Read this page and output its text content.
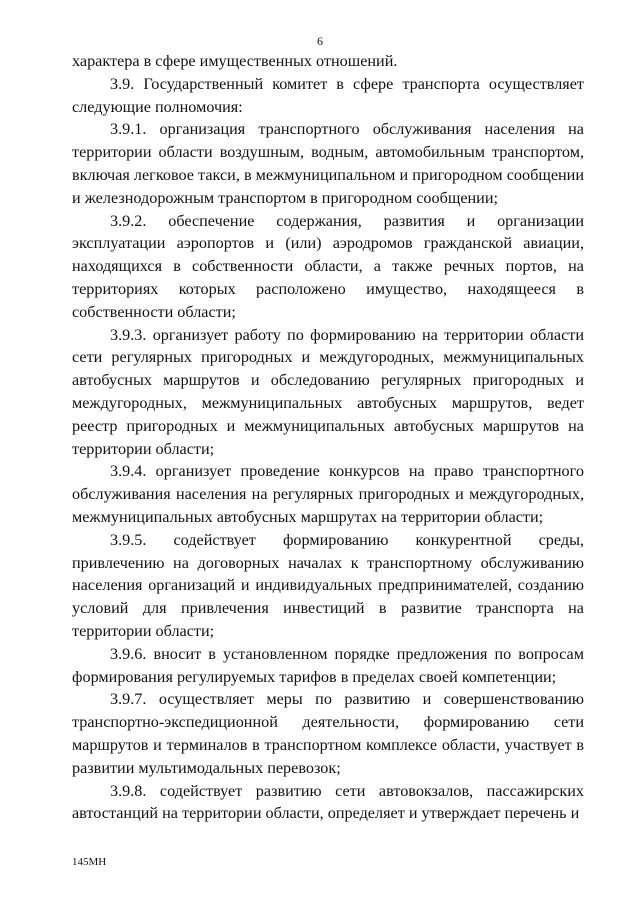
6

характера в сфере имущественных отношений.

3.9. Государственный комитет в сфере транспорта осуществляет следующие полномочия:

3.9.1. организация транспортного обслуживания населения на территории области воздушным, водным, автомобильным транспортом, включая легковое такси, в межмуниципальном и пригородном сообщении и железнодорожным транспортом в пригородном сообщении;

3.9.2. обеспечение содержания, развития и организации эксплуатации аэропортов и (или) аэродромов гражданской авиации, находящихся в собственности области, а также речных портов, на территориях которых расположено имущество, находящееся в собственности области;

3.9.3. организует работу по формированию на территории области сети регулярных пригородных и междугородных, межмуниципальных автобусных маршрутов и обследованию регулярных пригородных и междугородных, межмуниципальных автобусных маршрутов, ведет реестр пригородных и межмуниципальных автобусных маршрутов на территории области;

3.9.4. организует проведение конкурсов на право транспортного обслуживания населения на регулярных пригородных и междугородных, межмуниципальных автобусных маршрутах на территории области;

3.9.5. содействует формированию конкурентной среды, привлечению на договорных началах к транспортному обслуживанию населения организаций и индивидуальных предпринимателей, созданию условий для привлечения инвестиций в развитие транспорта на территории области;

3.9.6. вносит в установленном порядке предложения по вопросам формирования регулируемых тарифов в пределах своей компетенции;

3.9.7. осуществляет меры по развитию и совершенствованию транспортно-экспедиционной деятельности, формированию сети маршрутов и терминалов в транспортном комплексе области, участвует в развитии мультимодальных перевозок;

3.9.8. содействует развитию сети автовокзалов, пассажирских автостанций на территории области, определяет и утверждает перечень и

145МН
